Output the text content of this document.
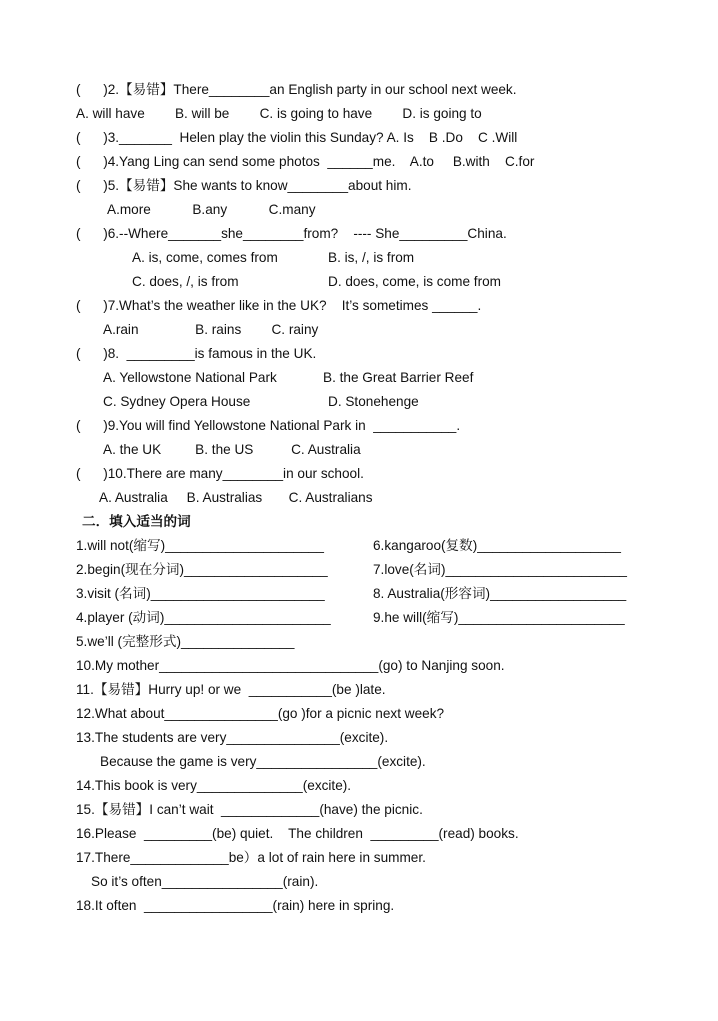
(      )2.【易错】There________an English party in our school next week.
A. will have        B. will be        C. is going to have        D. is going to
(      )3._______  Helen play the violin this Sunday? A. Is    B .Do    C .Will
(      )4.Yang Ling can send some photos  ______me.    A.to     B.with    C.for
(      )5.【易错】She wants to know________about him.
A.more           B.any           C.many
(      )6.--Where_______she________from?    ---- She_________China.
A. is, come, comes from	B. is, /, is from
C. does, /, is from	D. does, come, is come from
(      )7.What’s the weather like in the UK?    It’s sometimes ______.
A.rain               B. rains        C. rainy
(      )8.  _________is famous in the UK.
A. Yellowstone National Park	B. the Great Barrier Reef
C. Sydney Opera House	D. Stonehenge
(      )9.You will find Yellowstone National Park in  ___________.
A. the UK         B. the US          C. Australia
(      )10.There are many________in our school.
A. Australia     B. Australias       C. Australians
二．填入适当的词
1.will not(缩写)_____________________	6.kangaroo(复数)___________________
2.begin(现在分词)___________________	7.love(名词)________________________
3.visit (名词)_______________________	8. Australia(形容词)__________________
4.player (动词)______________________	9.he will(缩写)______________________
5.we’ll (完整形式)_______________
10.My mother_____________________________(go) to Nanjing soon.
11.【易错】Hurry up! or we  ___________(be )late.
12.What about_______________(go )for a picnic next week?
13.The students are very_______________(excite).
Because the game is very________________(excite).
14.This book is very______________(excite).
15.【易错】I can’t wait  _____________(have) the picnic.
16.Please  _________(be) quiet.    The children  _________(read) books.
17.There_____________be）a lot of rain here in summer.
So it’s often________________(rain).
18.It often  _________________(rain) here in spring.
